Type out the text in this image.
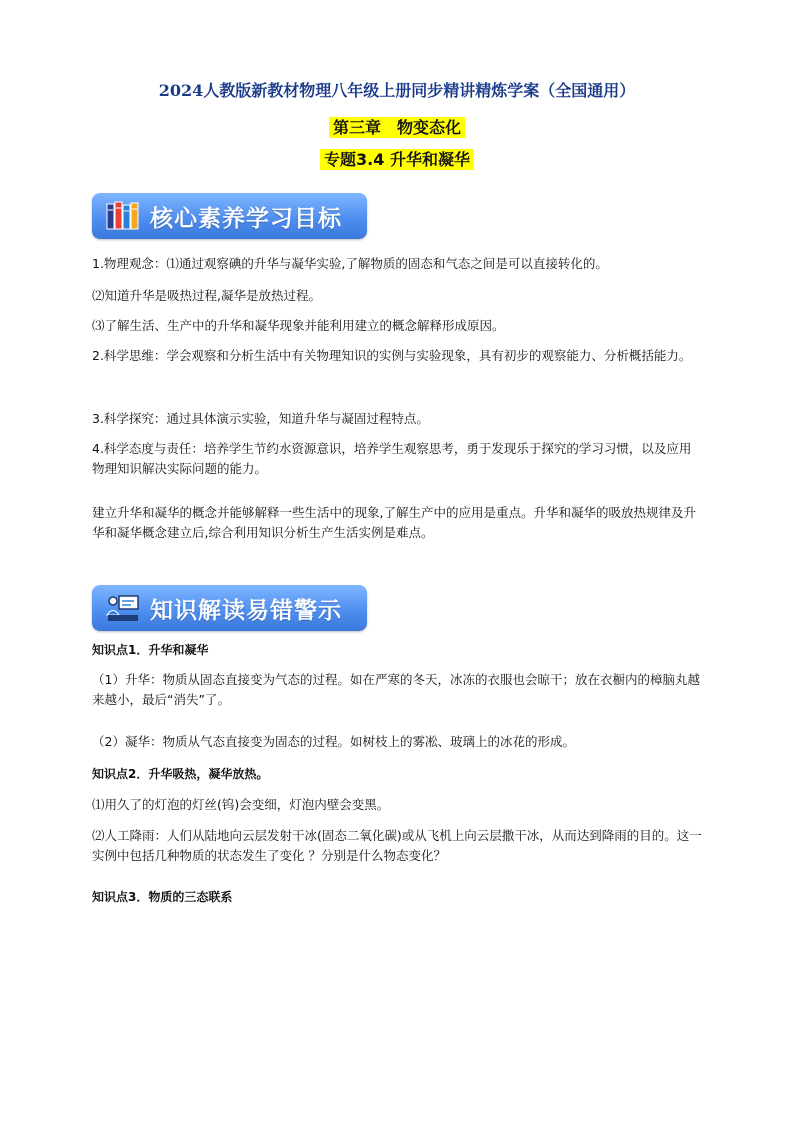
2024人教版新教材物理八年级上册同步精讲精炼学案（全国通用）
第三章　物变态化
专题3.4 升华和凝华
核心素养学习目标

1.物理观念：⑴通过观察碘的升华与凝华实验,了解物质的固态和气态之间是可以直接转化的。

⑵知道升华是吸热过程,凝华是放热过程。

⑶了解生活、生产中的升华和凝华现象并能利用建立的概念解释形成原因。

2.科学思维：学会观察和分析生活中有关物理知识的实例与实验现象，具有初步的观察能力、分析概括能力。

3.科学探究：通过具体演示实验，知道升华与凝固过程特点。

4.科学态度与责任：培养学生节约水资源意识，培养学生观察思考，勇于发现乐于探究的学习习惯，以及应用物理知识解决实际问题的能力。

建立升华和凝华的概念并能够解释一些生活中的现象,了解生产中的应用是重点。升华和凝华的吸放热规律及升华和凝华概念建立后,综合利用知识分析生产生活实例是难点。

知识解读易错警示

知识点1．升华和凝华

（1）升华：物质从固态直接变为气态的过程。如在严寒的冬天，冰冻的衣服也会晾干；放在衣橱内的樟脑丸越来越小，最后“消失”了。

（2）凝华：物质从气态直接变为固态的过程。如树枝上的雾凇、玻璃上的冰花的形成。

知识点2．升华吸热，凝华放热。

⑴用久了的灯泡的灯丝(钨)会变细，灯泡内壁会变黑。

⑵人工降雨：人们从陆地向云层发射干冰(固态二氧化碳)或从飞机上向云层撒干冰，从而达到降雨的目的。这一实例中包括几种物质的状态发生了变化 ？分别是什么物态变化？

知识点3．物质的三态联系
